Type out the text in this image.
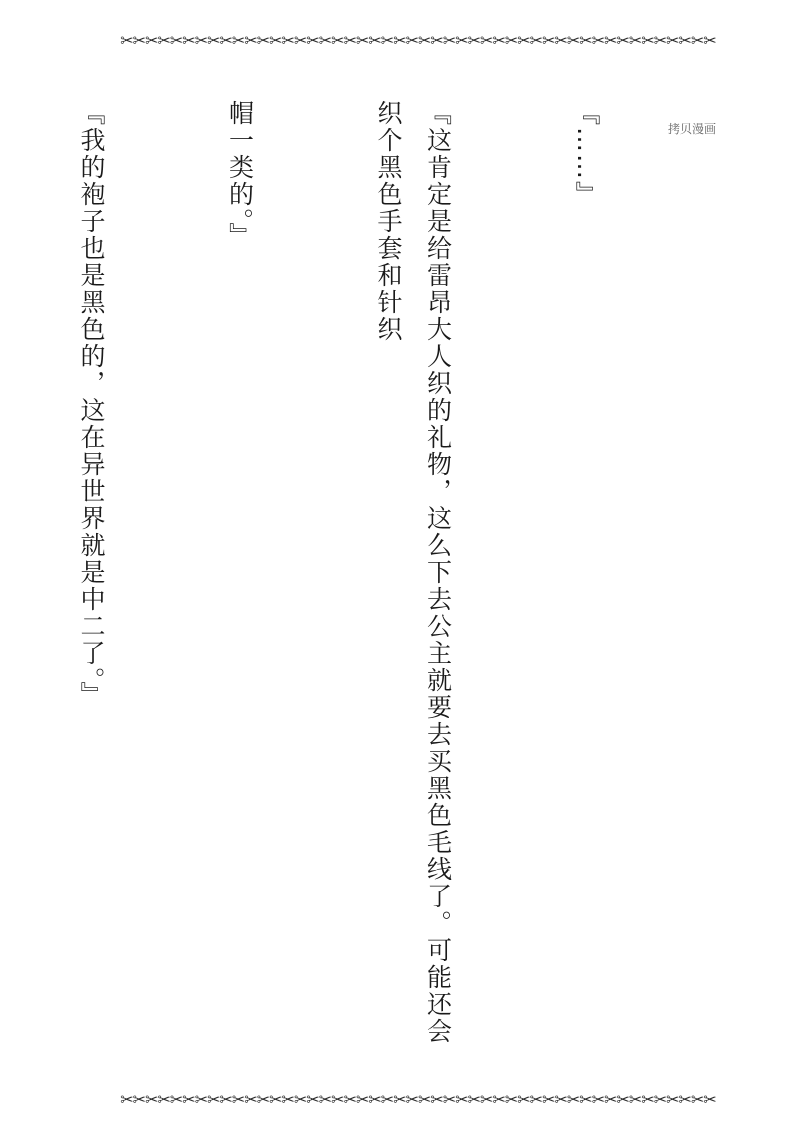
✂✂✂✂✂✂✂✂✂✂✂✂✂✂✂✂✂✂✂✂✂✂✂✂✂✂✂✂✂✂✂✂✂✂✂✂✂✂✂✂✂✂✂✂✂✂✂✂
拷贝漫画

『……』

『这肯定是给雷昂大人织的礼物，这么下去公主就要去买黑色毛线了。可能还会织个黑色手套和针织

帽一类的。』

『我的袍子也是黑色的，这在异世界就是中二了。』

✂✂✂✂✂✂✂✂✂✂✂✂✂✂✂✂✂✂✂✂✂✂✂✂✂✂✂✂✂✂✂✂✂✂✂✂✂✂✂✂✂✂✂✂✂✂✂✂
